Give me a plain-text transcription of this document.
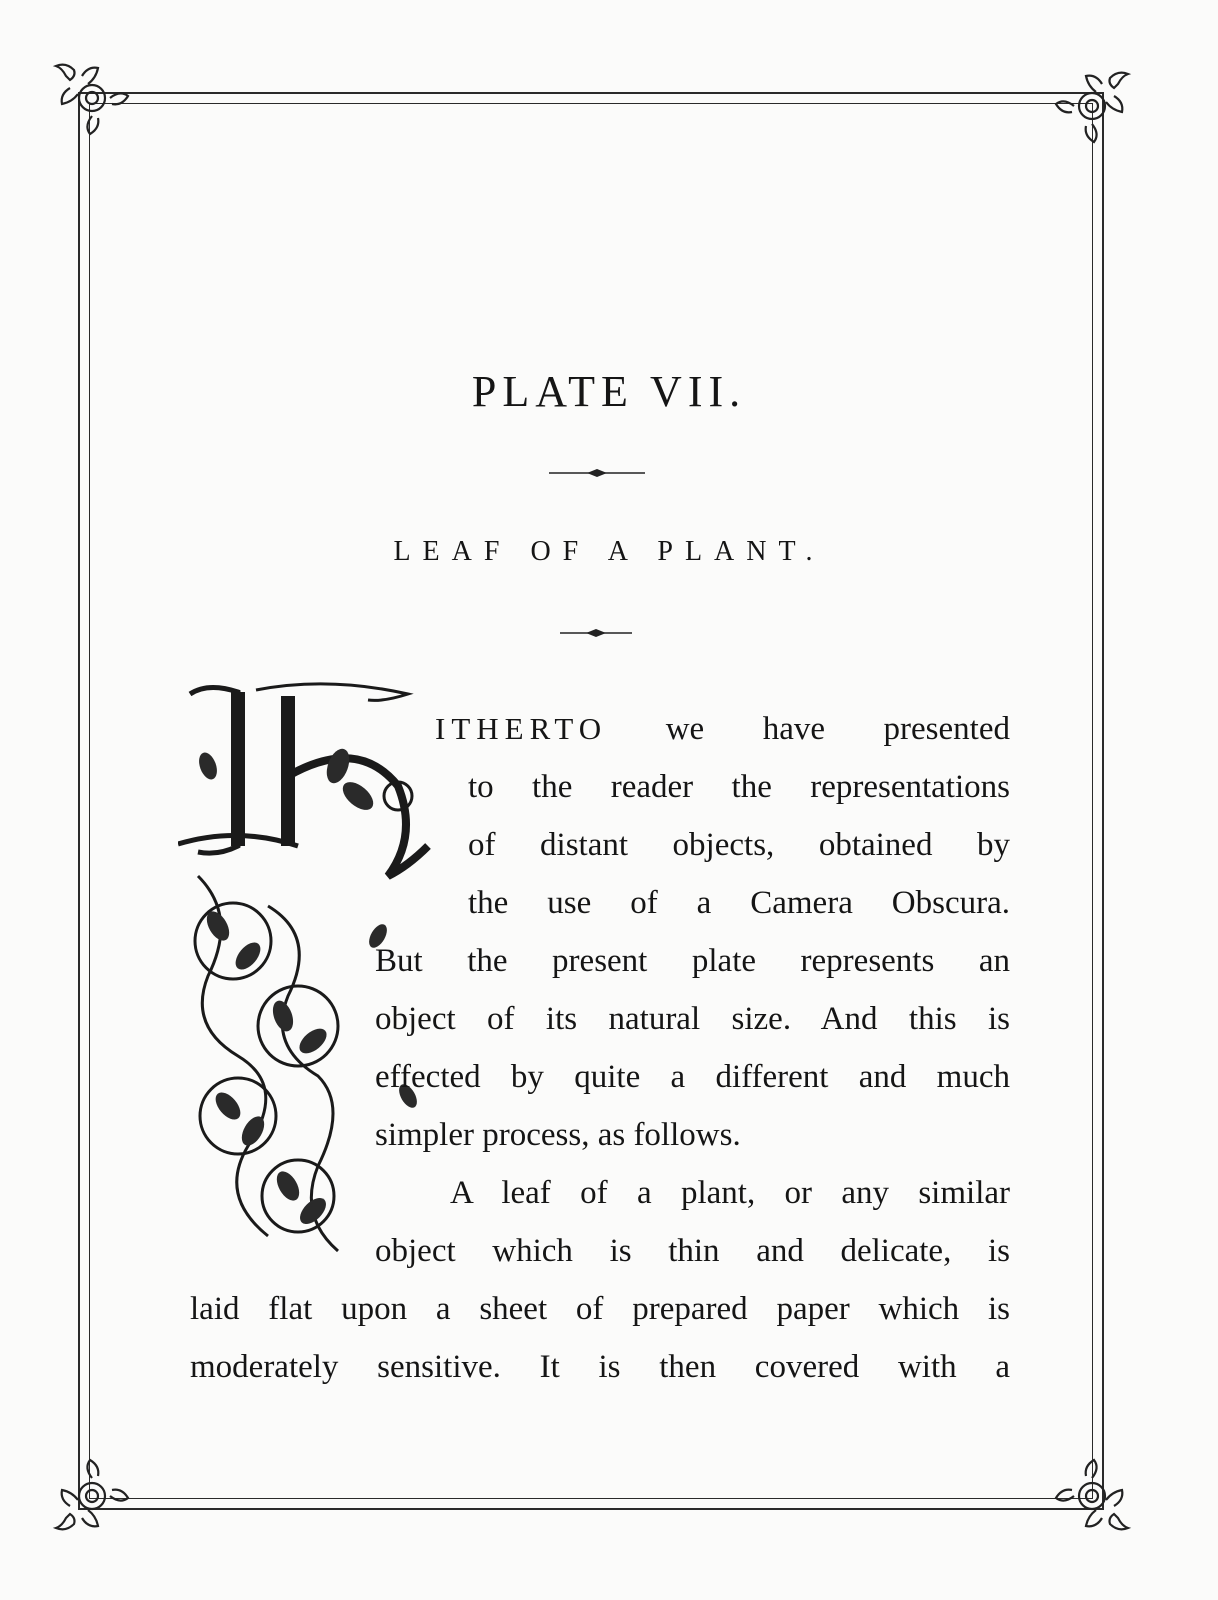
PLATE VII.
LEAF OF A PLANT.
ITHERTO we have presented
to the reader the representations
of distant objects, obtained by
the use of a Camera Obscura.
But the present plate represents an
object of its natural size. And this is
effected by quite a different and much
simpler process, as follows.
A leaf of a plant, or any similar
object which is thin and delicate, is
laid flat upon a sheet of prepared paper which is
moderately sensitive. It is then covered with a
